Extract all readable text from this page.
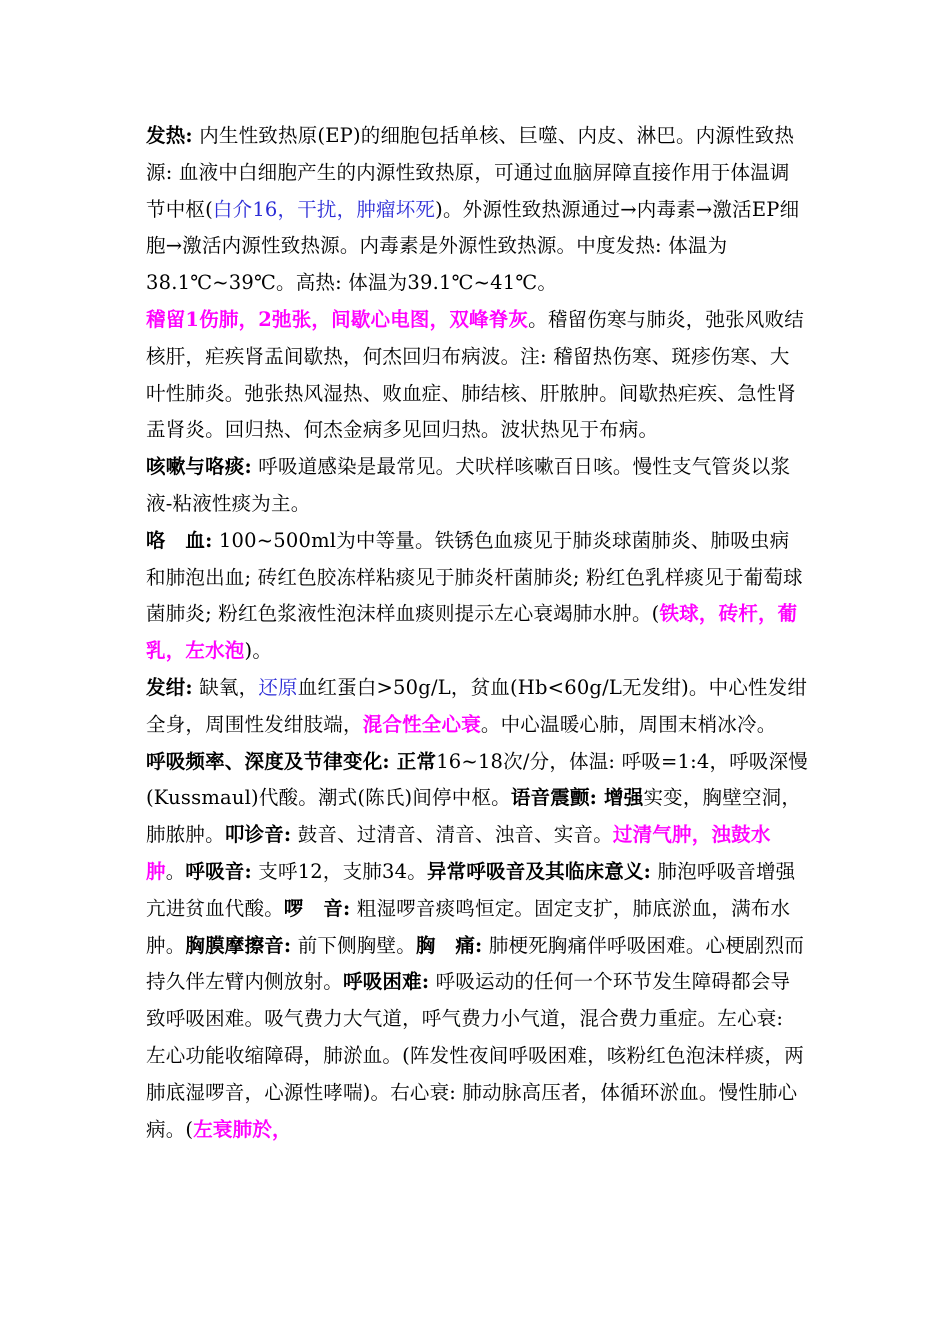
发热: 内生性致热原(EP)的细胞包括单核、巨噬、内皮、淋巴。内源性致热源: 血液中白细胞产生的内源性致热原，可通过血脑屏障直接作用于体温调节中枢(白介16，干扰，肿瘤坏死)。外源性致热源通过→内毒素→激活EP细胞→激活内源性致热源。内毒素是外源性致热源。中度发热: 体温为38.1℃~39℃。高热: 体温为39.1℃~41℃。

稽留1伤肺，2弛张，间歇心电图，双峰脊灰。稽留伤寒与肺炎，弛张风败结核肝，疟疾肾盂间歇热，何杰回归布病波。注: 稽留热伤寒、斑疹伤寒、大叶性肺炎。弛张热风湿热、败血症、肺结核、肝脓肿。间歇热疟疾、急性肾盂肾炎。回归热、何杰金病多见回归热。波状热见于布病。

咳嗽与咯痰: 呼吸道感染是最常见。犬吠样咳嗽百日咳。慢性支气管炎以浆液-粘液性痰为主。

咯　血: 100~500ml为中等量。铁锈色血痰见于肺炎球菌肺炎、肺吸虫病和肺泡出血; 砖红色胶冻样粘痰见于肺炎杆菌肺炎; 粉红色乳样痰见于葡萄球菌肺炎; 粉红色浆液性泡沫样血痰则提示左心衰竭肺水肿。(铁球，砖杆，葡乳，左水泡)。

发绀: 缺氧，还原血红蛋白>50g/L，贫血(Hb<60g/L无发绀)。中心性发绀全身，周围性发绀肢端，混合性全心衰。中心温暖心肺，周围末梢冰冷。

呼吸频率、深度及节律变化: 正常16~18次/分，体温: 呼吸=1:4，呼吸深慢(Kussmaul)代酸。潮式(陈氏)间停中枢。语音震颤: 增强实变，胸壁空洞，肺脓肿。叩诊音: 鼓音、过清音、清音、浊音、实音。过清气肿，浊鼓水肿。呼吸音: 支呼12，支肺34。异常呼吸音及其临床意义: 肺泡呼吸音增强亢进贫血代酸。啰　音: 粗湿啰音痰鸣恒定。固定支扩，肺底淤血，满布水肿。胸膜摩擦音: 前下侧胸壁。胸　痛: 肺梗死胸痛伴呼吸困难。心梗剧烈而持久伴左臂内侧放射。呼吸困难: 呼吸运动的任何一个环节发生障碍都会导致呼吸困难。吸气费力大气道，呼气费力小气道，混合费力重症。左心衰: 左心功能收缩障碍，肺淤血。(阵发性夜间呼吸困难，咳粉红色泡沫样痰，两肺底湿啰音，心源性哮喘)。右心衰: 肺动脉高压者，体循环淤血。慢性肺心病。(左衰肺於，
